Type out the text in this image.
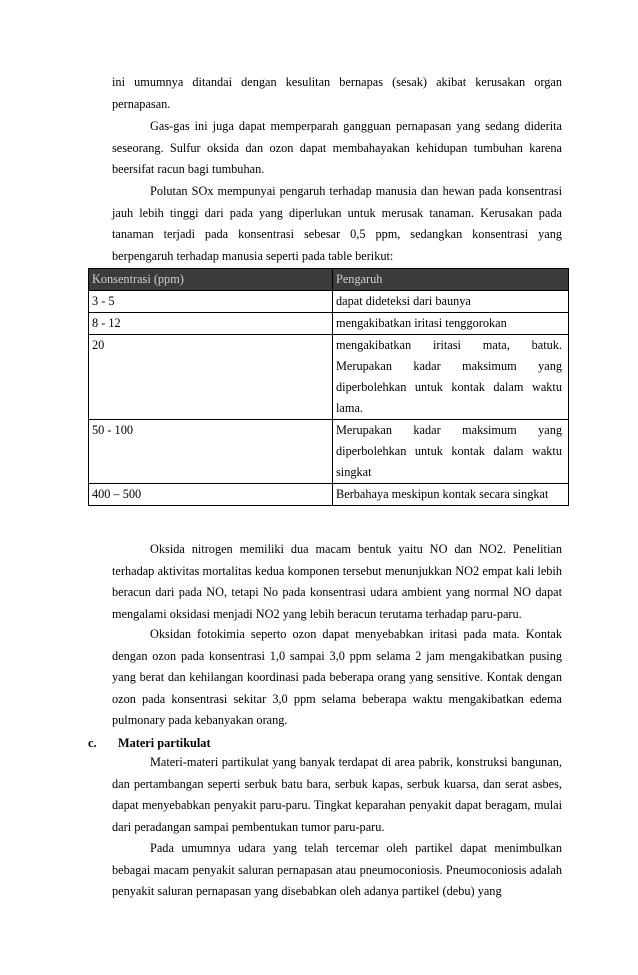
ini umumnya ditandai dengan kesulitan bernapas (sesak) akibat kerusakan organ pernapasan.

Gas-gas ini juga dapat memperparah gangguan pernapasan yang sedang diderita seseorang. Sulfur oksida dan ozon dapat membahayakan kehidupan tumbuhan karena beersifat racun bagi tumbuhan.

Polutan SOx mempunyai pengaruh terhadap manusia dan hewan pada konsentrasi jauh lebih tinggi dari pada yang diperlukan untuk merusak tanaman. Kerusakan pada tanaman terjadi pada konsentrasi sebesar 0,5 ppm, sedangkan konsentrasi yang berpengaruh terhadap manusia seperti pada table berikut:

Konsentrasi (ppm)	Pengaruh
3 - 5	dapat dideteksi dari baunya
8 - 12	mengakibatkan iritasi tenggorokan
20	mengakibatkan iritasi mata, batuk. Merupakan kadar maksimum yang diperbolehkan untuk kontak dalam waktu lama.
50 - 100	Merupakan kadar maksimum yang diperbolehkan untuk kontak dalam waktu singkat
400 – 500	Berbahaya meskipun kontak secara singkat

Oksida nitrogen memiliki dua macam bentuk yaitu NO dan NO2. Penelitian terhadap aktivitas mortalitas kedua komponen tersebut menunjukkan NO2 empat kali lebih beracun dari pada NO, tetapi No pada konsentrasi udara ambient yang normal NO dapat mengalami oksidasi menjadi NO2 yang lebih beracun terutama terhadap paru-paru.

Oksidan fotokimia seperto ozon dapat menyebabkan iritasi pada mata. Kontak dengan ozon pada konsentrasi 1,0 sampai 3,0 ppm selama 2 jam mengakibatkan pusing yang berat dan kehilangan koordinasi pada beberapa orang yang sensitive. Kontak dengan ozon pada konsentrasi sekitar 3,0 ppm selama beberapa waktu mengakibatkan edema pulmonary pada kebanyakan orang.

c. Materi partikulat

Materi-materi partikulat yang banyak terdapat di area pabrik, konstruksi bangunan, dan pertambangan seperti serbuk batu bara, serbuk kapas, serbuk kuarsa, dan serat asbes, dapat menyebabkan penyakit paru-paru. Tingkat keparahan penyakit dapat beragam, mulai dari peradangan sampai pembentukan tumor paru-paru.

Pada umumnya udara yang telah tercemar oleh partikel dapat menimbulkan bebagai macam penyakit saluran pernapasan atau pneumoconiosis. Pneumoconiosis adalah penyakit saluran pernapasan yang disebabkan oleh adanya partikel (debu) yang
